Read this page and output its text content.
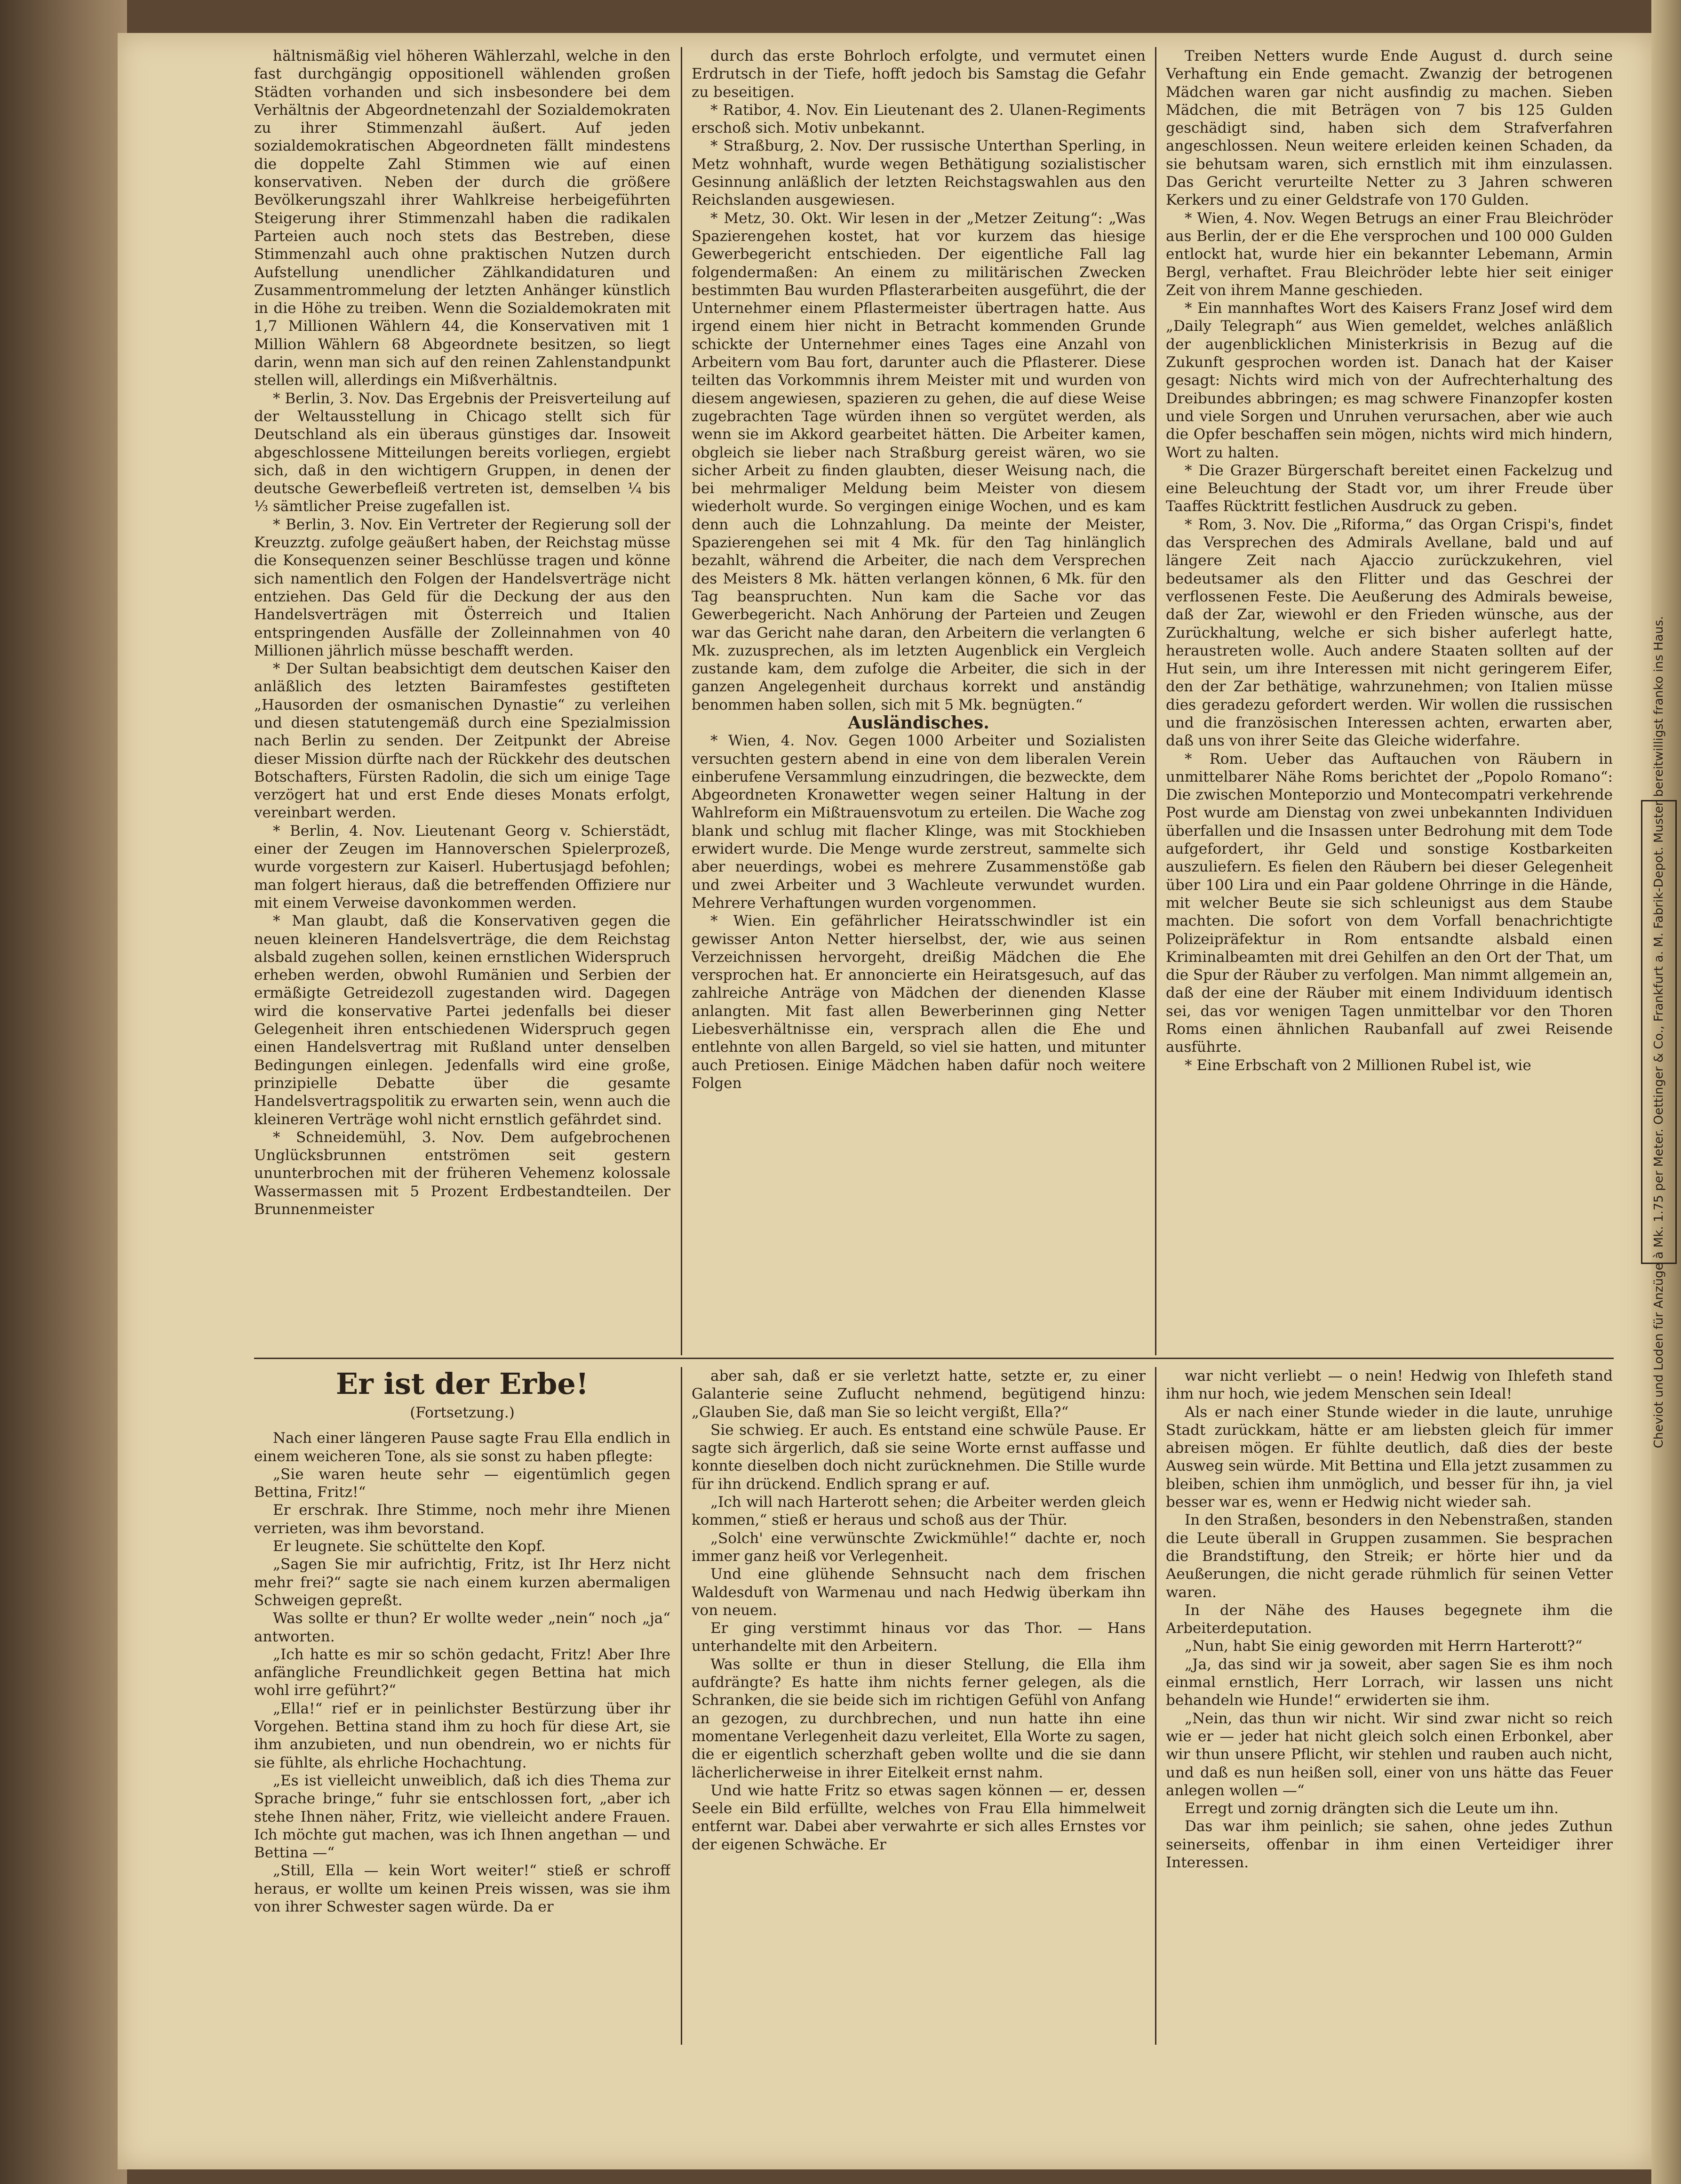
hältnismäßig viel höheren Wählerzahl, welche in den fast durchgängig oppositionell wählenden großen Städten vorhanden und sich insbesondere bei dem Verhältnis der Abgeordnetenzahl der Sozialdemokraten zu ihrer Stimmenzahl äußert. Auf jeden sozialdemokratischen Abgeordneten fällt mindestens die doppelte Zahl Stimmen wie auf einen konservativen. Neben der durch die größere Bevölkerungszahl ihrer Wahlkreise herbeigeführten Steigerung ihrer Stimmenzahl haben die radikalen Parteien auch noch stets das Bestreben, diese Stimmenzahl auch ohne praktischen Nutzen durch Aufstellung unendlicher Zählkandidaturen und Zusammentrommelung der letzten Anhänger künstlich in die Höhe zu treiben. Wenn die Sozialdemokraten mit 1,7 Millionen Wählern 44, die Konservativen mit 1 Million Wählern 68 Abgeordnete besitzen, so liegt darin, wenn man sich auf den reinen Zahlenstandpunkt stellen will, allerdings ein Mißverhältnis.

* Berlin, 3. Nov. Das Ergebnis der Preisverteilung auf der Weltausstellung in Chicago stellt sich für Deutschland als ein überaus günstiges dar. Insoweit abgeschlossene Mitteilungen bereits vorliegen, ergiebt sich, daß in den wichtigern Gruppen, in denen der deutsche Gewerbefleiß vertreten ist, demselben ¼ bis ⅓ sämtlicher Preise zugefallen ist.

* Berlin, 3. Nov. Ein Vertreter der Regierung soll der Kreuzztg. zufolge geäußert haben, der Reichstag müsse die Konsequenzen seiner Beschlüsse tragen und könne sich namentlich den Folgen der Handelsverträge nicht entziehen. Das Geld für die Deckung der aus den Handelsverträgen mit Österreich und Italien entspringenden Ausfälle der Zolleinnahmen von 40 Millionen jährlich müsse beschafft werden.

* Der Sultan beabsichtigt dem deutschen Kaiser den anläßlich des letzten Bairamfestes gestifteten „Hausorden der osmanischen Dynastie“ zu verleihen und diesen statutengemäß durch eine Spezialmission nach Berlin zu senden. Der Zeitpunkt der Abreise dieser Mission dürfte nach der Rückkehr des deutschen Botschafters, Fürsten Radolin, die sich um einige Tage verzögert hat und erst Ende dieses Monats erfolgt, vereinbart werden.

* Berlin, 4. Nov. Lieutenant Georg v. Schierstädt, einer der Zeugen im Hannoverschen Spielerprozeß, wurde vorgestern zur Kaiserl. Hubertusjagd befohlen; man folgert hieraus, daß die betreffenden Offiziere nur mit einem Verweise davonkommen werden.

* Man glaubt, daß die Konservativen gegen die neuen kleineren Handelsverträge, die dem Reichstag alsbald zugehen sollen, keinen ernstlichen Widerspruch erheben werden, obwohl Rumänien und Serbien der ermäßigte Getreidezoll zugestanden wird. Dagegen wird die konservative Partei jedenfalls bei dieser Gelegenheit ihren entschiedenen Widerspruch gegen einen Handelsvertrag mit Rußland unter denselben Bedingungen einlegen. Jedenfalls wird eine große, prinzipielle Debatte über die gesamte Handelsvertragspolitik zu erwarten sein, wenn auch die kleineren Verträge wohl nicht ernstlich gefährdet sind.

* Schneidemühl, 3. Nov. Dem aufgebrochenen Unglücksbrunnen entströmen seit gestern ununterbrochen mit der früheren Vehemenz kolossale Wassermassen mit 5 Prozent Erdbestandteilen. Der Brunnenmeister

durch das erste Bohrloch erfolgte, und vermutet einen Erdrutsch in der Tiefe, hofft jedoch bis Samstag die Gefahr zu beseitigen.

* Ratibor, 4. Nov. Ein Lieutenant des 2. Ulanen-Regiments erschoß sich. Motiv unbekannt.

* Straßburg, 2. Nov. Der russische Unterthan Sperling, in Metz wohnhaft, wurde wegen Bethätigung sozialistischer Gesinnung anläßlich der letzten Reichstagswahlen aus den Reichslanden ausgewiesen.

* Metz, 30. Okt. Wir lesen in der „Metzer Zeitung“: „Was Spazierengehen kostet, hat vor kurzem das hiesige Gewerbegericht entschieden. Der eigentliche Fall lag folgendermaßen: An einem zu militärischen Zwecken bestimmten Bau wurden Pflasterarbeiten ausgeführt, die der Unternehmer einem Pflastermeister übertragen hatte. Aus irgend einem hier nicht in Betracht kommenden Grunde schickte der Unternehmer eines Tages eine Anzahl von Arbeitern vom Bau fort, darunter auch die Pflasterer. Diese teilten das Vorkommnis ihrem Meister mit und wurden von diesem angewiesen, spazieren zu gehen, die auf diese Weise zugebrachten Tage würden ihnen so vergütet werden, als wenn sie im Akkord gearbeitet hätten. Die Arbeiter kamen, obgleich sie lieber nach Straßburg gereist wären, wo sie sicher Arbeit zu finden glaubten, dieser Weisung nach, die bei mehrmaliger Meldung beim Meister von diesem wiederholt wurde. So vergingen einige Wochen, und es kam denn auch die Lohnzahlung. Da meinte der Meister, Spazierengehen sei mit 4 Mk. für den Tag hinlänglich bezahlt, während die Arbeiter, die nach dem Versprechen des Meisters 8 Mk. hätten verlangen können, 6 Mk. für den Tag beanspruchten. Nun kam die Sache vor das Gewerbegericht. Nach Anhörung der Parteien und Zeugen war das Gericht nahe daran, den Arbeitern die verlangten 6 Mk. zuzusprechen, als im letzten Augenblick ein Vergleich zustande kam, dem zufolge die Arbeiter, die sich in der ganzen Angelegenheit durchaus korrekt und anständig benommen haben sollen, sich mit 5 Mk. begnügten.“

Ausländisches.

* Wien, 4. Nov. Gegen 1000 Arbeiter und Sozialisten versuchten gestern abend in eine von dem liberalen Verein einberufene Versammlung einzudringen, die bezweckte, dem Abgeordneten Kronawetter wegen seiner Haltung in der Wahlreform ein Mißtrauensvotum zu erteilen. Die Wache zog blank und schlug mit flacher Klinge, was mit Stockhieben erwidert wurde. Die Menge wurde zerstreut, sammelte sich aber neuerdings, wobei es mehrere Zusammenstöße gab und zwei Arbeiter und 3 Wachleute verwundet wurden. Mehrere Verhaftungen wurden vorgenommen.

* Wien. Ein gefährlicher Heiratsschwindler ist ein gewisser Anton Netter hierselbst, der, wie aus seinen Verzeichnissen hervorgeht, dreißig Mädchen die Ehe versprochen hat. Er annoncierte ein Heiratsgesuch, auf das zahlreiche Anträge von Mädchen der dienenden Klasse anlangten. Mit fast allen Bewerberinnen ging Netter Liebesverhältnisse ein, versprach allen die Ehe und entlehnte von allen Bargeld, so viel sie hatten, und mitunter auch Pretiosen. Einige Mädchen haben dafür noch weitere Folgen

Treiben Netters wurde Ende August d. durch seine Verhaftung ein Ende gemacht. Zwanzig der betrogenen Mädchen waren gar nicht ausfindig zu machen. Sieben Mädchen, die mit Beträgen von 7 bis 125 Gulden geschädigt sind, haben sich dem Strafverfahren angeschlossen. Neun weitere erleiden keinen Schaden, da sie behutsam waren, sich ernstlich mit ihm einzulassen. Das Gericht verurteilte Netter zu 3 Jahren schweren Kerkers und zu einer Geldstrafe von 170 Gulden.

* Wien, 4. Nov. Wegen Betrugs an einer Frau Bleichröder aus Berlin, der er die Ehe versprochen und 100 000 Gulden entlockt hat, wurde hier ein bekannter Lebemann, Armin Bergl, verhaftet. Frau Bleichröder lebte hier seit einiger Zeit von ihrem Manne geschieden.

* Ein mannhaftes Wort des Kaisers Franz Josef wird dem „Daily Telegraph“ aus Wien gemeldet, welches anläßlich der augenblicklichen Ministerkrisis in Bezug auf die Zukunft gesprochen worden ist. Danach hat der Kaiser gesagt: Nichts wird mich von der Aufrechterhaltung des Dreibundes abbringen; es mag schwere Finanzopfer kosten und viele Sorgen und Unruhen verursachen, aber wie auch die Opfer beschaffen sein mögen, nichts wird mich hindern, Wort zu halten.

* Die Grazer Bürgerschaft bereitet einen Fackelzug und eine Beleuchtung der Stadt vor, um ihrer Freude über Taaffes Rücktritt festlichen Ausdruck zu geben.

* Rom, 3. Nov. Die „Riforma,“ das Organ Crispi's, findet das Versprechen des Admirals Avellane, bald und auf längere Zeit nach Ajaccio zurückzukehren, viel bedeutsamer als den Flitter und das Geschrei der verflossenen Feste. Die Aeußerung des Admirals beweise, daß der Zar, wiewohl er den Frieden wünsche, aus der Zurückhaltung, welche er sich bisher auferlegt hatte, heraustreten wolle. Auch andere Staaten sollten auf der Hut sein, um ihre Interessen mit nicht geringerem Eifer, den der Zar bethätige, wahrzunehmen; von Italien müsse dies geradezu gefordert werden. Wir wollen die russischen und die französischen Interessen achten, erwarten aber, daß uns von ihrer Seite das Gleiche widerfahre.

* Rom. Ueber das Auftauchen von Räubern in unmittelbarer Nähe Roms berichtet der „Popolo Romano“: Die zwischen Monteporzio und Montecompatri verkehrende Post wurde am Dienstag von zwei unbekannten Individuen überfallen und die Insassen unter Bedrohung mit dem Tode aufgefordert, ihr Geld und sonstige Kostbarkeiten auszuliefern. Es fielen den Räubern bei dieser Gelegenheit über 100 Lira und ein Paar goldene Ohrringe in die Hände, mit welcher Beute sie sich schleunigst aus dem Staube machten. Die sofort von dem Vorfall benachrichtigte Polizeipräfektur in Rom entsandte alsbald einen Kriminalbeamten mit drei Gehilfen an den Ort der That, um die Spur der Räuber zu verfolgen. Man nimmt allgemein an, daß der eine der Räuber mit einem Individuum identisch sei, das vor wenigen Tagen unmittelbar vor den Thoren Roms einen ähnlichen Raubanfall auf zwei Reisende ausführte.

* Eine Erbschaft von 2 Millionen Rubel ist, wie

Er ist der Erbe!
(Fortsetzung.)

Nach einer längeren Pause sagte Frau Ella endlich in einem weicheren Tone, als sie sonst zu haben pflegte:

„Sie waren heute sehr — eigentümlich gegen Bettina, Fritz!“

Er erschrak. Ihre Stimme, noch mehr ihre Mienen verrieten, was ihm bevorstand.

Er leugnete. Sie schüttelte den Kopf.

„Sagen Sie mir aufrichtig, Fritz, ist Ihr Herz nicht mehr frei?“ sagte sie nach einem kurzen abermaligen Schweigen gepreßt.

Was sollte er thun? Er wollte weder „nein“ noch „ja“ antworten.

„Ich hatte es mir so schön gedacht, Fritz! Aber Ihre anfängliche Freundlichkeit gegen Bettina hat mich wohl irre geführt?“

„Ella!“ rief er in peinlichster Bestürzung über ihr Vorgehen. Bettina stand ihm zu hoch für diese Art, sie ihm anzubieten, und nun obendrein, wo er nichts für sie fühlte, als ehrliche Hochachtung.

„Es ist vielleicht unweiblich, daß ich dies Thema zur Sprache bringe,“ fuhr sie entschlossen fort, „aber ich stehe Ihnen näher, Fritz, wie vielleicht andere Frauen. Ich möchte gut machen, was ich Ihnen angethan — und Bettina —“

„Still, Ella — kein Wort weiter!“ stieß er schroff heraus, er wollte um keinen Preis wissen, was sie ihm von ihrer Schwester sagen würde. Da er

aber sah, daß er sie verletzt hatte, setzte er, zu einer Galanterie seine Zuflucht nehmend, begütigend hinzu: „Glauben Sie, daß man Sie so leicht vergißt, Ella?“

Sie schwieg. Er auch. Es entstand eine schwüle Pause. Er sagte sich ärgerlich, daß sie seine Worte ernst auffasse und konnte dieselben doch nicht zurücknehmen. Die Stille wurde für ihn drückend. Endlich sprang er auf.

„Ich will nach Harterott sehen; die Arbeiter werden gleich kommen,“ stieß er heraus und schoß aus der Thür.

„Solch' eine verwünschte Zwickmühle!“ dachte er, noch immer ganz heiß vor Verlegenheit.

Und eine glühende Sehnsucht nach dem frischen Waldesduft von Warmenau und nach Hedwig überkam ihn von neuem.

Er ging verstimmt hinaus vor das Thor. — Hans unterhandelte mit den Arbeitern.

Was sollte er thun in dieser Stellung, die Ella ihm aufdrängte? Es hatte ihm nichts ferner gelegen, als die Schranken, die sie beide sich im richtigen Gefühl von Anfang an gezogen, zu durchbrechen, und nun hatte ihn eine momentane Verlegenheit dazu verleitet, Ella Worte zu sagen, die er eigentlich scherzhaft geben wollte und die sie dann lächerlicherweise in ihrer Eitelkeit ernst nahm.

Und wie hatte Fritz so etwas sagen können — er, dessen Seele ein Bild erfüllte, welches von Frau Ella himmelweit entfernt war. Dabei aber verwahrte er sich alles Ernstes vor der eigenen Schwäche. Er

war nicht verliebt — o nein! Hedwig von Ihlefeth stand ihm nur hoch, wie jedem Menschen sein Ideal!

Als er nach einer Stunde wieder in die laute, unruhige Stadt zurückkam, hätte er am liebsten gleich für immer abreisen mögen. Er fühlte deutlich, daß dies der beste Ausweg sein würde. Mit Bettina und Ella jetzt zusammen zu bleiben, schien ihm unmöglich, und besser für ihn, ja viel besser war es, wenn er Hedwig nicht wieder sah.

In den Straßen, besonders in den Nebenstraßen, standen die Leute überall in Gruppen zusammen. Sie besprachen die Brandstiftung, den Streik; er hörte hier und da Aeußerungen, die nicht gerade rühmlich für seinen Vetter waren.

In der Nähe des Hauses begegnete ihm die Arbeiterdeputation.

„Nun, habt Sie einig geworden mit Herrn Harterott?“

„Ja, das sind wir ja soweit, aber sagen Sie es ihm noch einmal ernstlich, Herr Lorrach, wir lassen uns nicht behandeln wie Hunde!“ erwiderten sie ihm.

„Nein, das thun wir nicht. Wir sind zwar nicht so reich wie er — jeder hat nicht gleich solch einen Erbonkel, aber wir thun unsere Pflicht, wir stehlen und rauben auch nicht, und daß es nun heißen soll, einer von uns hätte das Feuer anlegen wollen —“

Erregt und zornig drängten sich die Leute um ihn.

Das war ihm peinlich; sie sahen, ohne jedes Zuthun seinerseits, offenbar in ihm einen Verteidiger ihrer Interessen.

Cheviot und Loden für Anzüge à Mk. 1.75 per Meter. Oettinger & Co., Frankfurt a. M. Fabrik-Depot. Muster bereitwilligst franko ins Haus.
